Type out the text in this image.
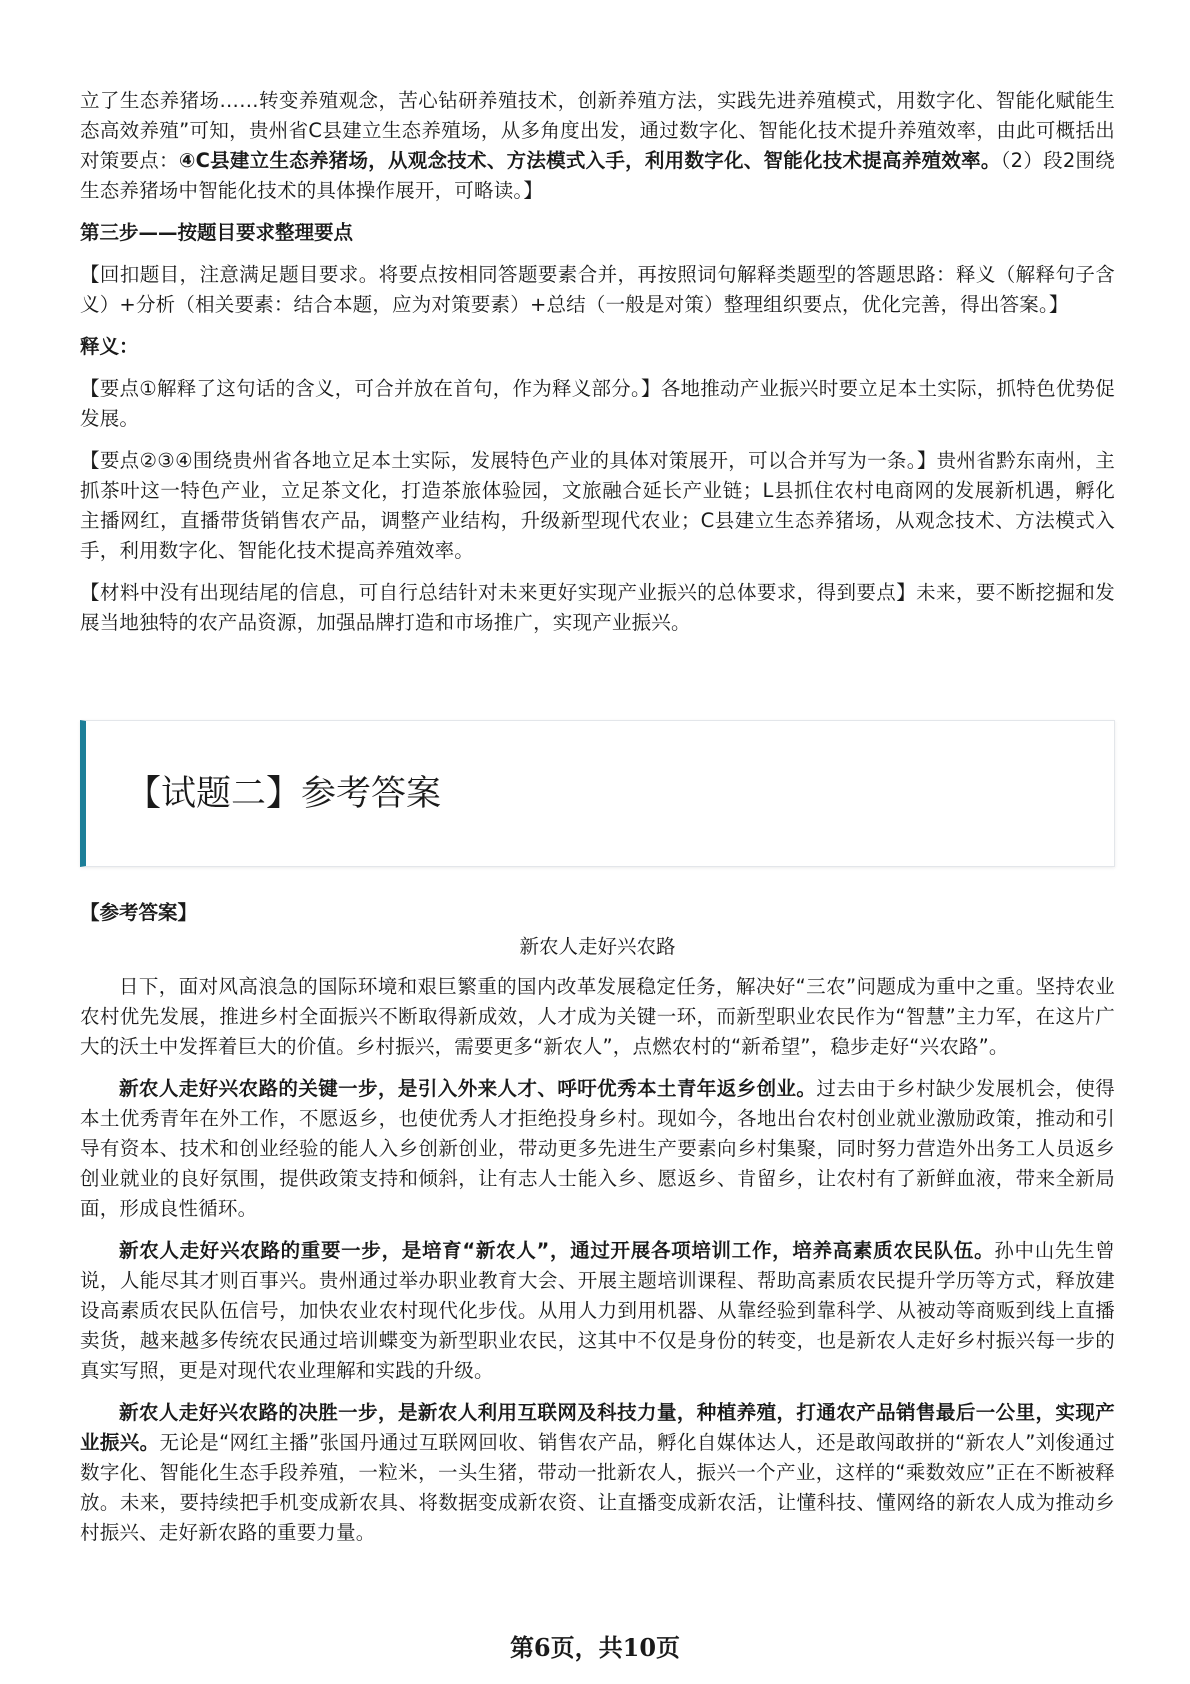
立了生态养猪场……转变养殖观念，苦心钻研养殖技术，创新养殖方法，实践先进养殖模式，用数字化、智能化赋能生态高效养殖”可知，贵州省C县建立生态养殖场，从多角度出发，通过数字化、智能化技术提升养殖效率，由此可概括出对策要点：④C县建立生态养猪场，从观念技术、方法模式入手，利用数字化、智能化技术提高养殖效率。（2）段2围绕生态养猪场中智能化技术的具体操作展开，可略读。】

第三步——按题目要求整理要点

【回扣题目，注意满足题目要求。将要点按相同答题要素合并，再按照词句解释类题型的答题思路：释义（解释句子含义）+分析（相关要素：结合本题，应为对策要素）+总结（一般是对策）整理组织要点，优化完善，得出答案。】

释义：

【要点①解释了这句话的含义，可合并放在首句，作为释义部分。】各地推动产业振兴时要立足本土实际，抓特色优势促发展。

【要点②③④围绕贵州省各地立足本土实际，发展特色产业的具体对策展开，可以合并写为一条。】贵州省黔东南州，主抓茶叶这一特色产业，立足茶文化，打造茶旅体验园，文旅融合延长产业链；L县抓住农村电商网的发展新机遇，孵化主播网红，直播带货销售农产品，调整产业结构，升级新型现代农业；C县建立生态养猪场，从观念技术、方法模式入手，利用数字化、智能化技术提高养殖效率。

【材料中没有出现结尾的信息，可自行总结针对未来更好实现产业振兴的总体要求，得到要点】未来，要不断挖掘和发展当地独特的农产品资源，加强品牌打造和市场推广，实现产业振兴。

【试题二】参考答案

【参考答案】

新农人走好兴农路

日下，面对风高浪急的国际环境和艰巨繁重的国内改革发展稳定任务，解决好“三农”问题成为重中之重。坚持农业农村优先发展，推进乡村全面振兴不断取得新成效，人才成为关键一环，而新型职业农民作为“智慧”主力军，在这片广大的沃土中发挥着巨大的价值。乡村振兴，需要更多“新农人”，点燃农村的“新希望”，稳步走好“兴农路”。

新农人走好兴农路的关键一步，是引入外来人才、呼吁优秀本土青年返乡创业。过去由于乡村缺少发展机会，使得本土优秀青年在外工作，不愿返乡，也使优秀人才拒绝投身乡村。现如今，各地出台农村创业就业激励政策，推动和引导有资本、技术和创业经验的能人入乡创新创业，带动更多先进生产要素向乡村集聚，同时努力营造外出务工人员返乡创业就业的良好氛围，提供政策支持和倾斜，让有志人士能入乡、愿返乡、肯留乡，让农村有了新鲜血液，带来全新局面，形成良性循环。

新农人走好兴农路的重要一步，是培育“新农人”，通过开展各项培训工作，培养高素质农民队伍。孙中山先生曾说，人能尽其才则百事兴。贵州通过举办职业教育大会、开展主题培训课程、帮助高素质农民提升学历等方式，释放建设高素质农民队伍信号，加快农业农村现代化步伐。从用人力到用机器、从靠经验到靠科学、从被动等商贩到线上直播卖货，越来越多传统农民通过培训蝶变为新型职业农民，这其中不仅是身份的转变，也是新农人走好乡村振兴每一步的真实写照，更是对现代农业理解和实践的升级。

新农人走好兴农路的决胜一步，是新农人利用互联网及科技力量，种植养殖，打通农产品销售最后一公里，实现产业振兴。无论是“网红主播”张国丹通过互联网回收、销售农产品，孵化自媒体达人，还是敢闯敢拼的“新农人”刘俊通过数字化、智能化生态手段养殖，一粒米，一头生猪，带动一批新农人，振兴一个产业，这样的“乘数效应”正在不断被释放。未来，要持续把手机变成新农具、将数据变成新农资、让直播变成新农活，让懂科技、懂网络的新农人成为推动乡村振兴、走好新农路的重要力量。

第6页，共10页
